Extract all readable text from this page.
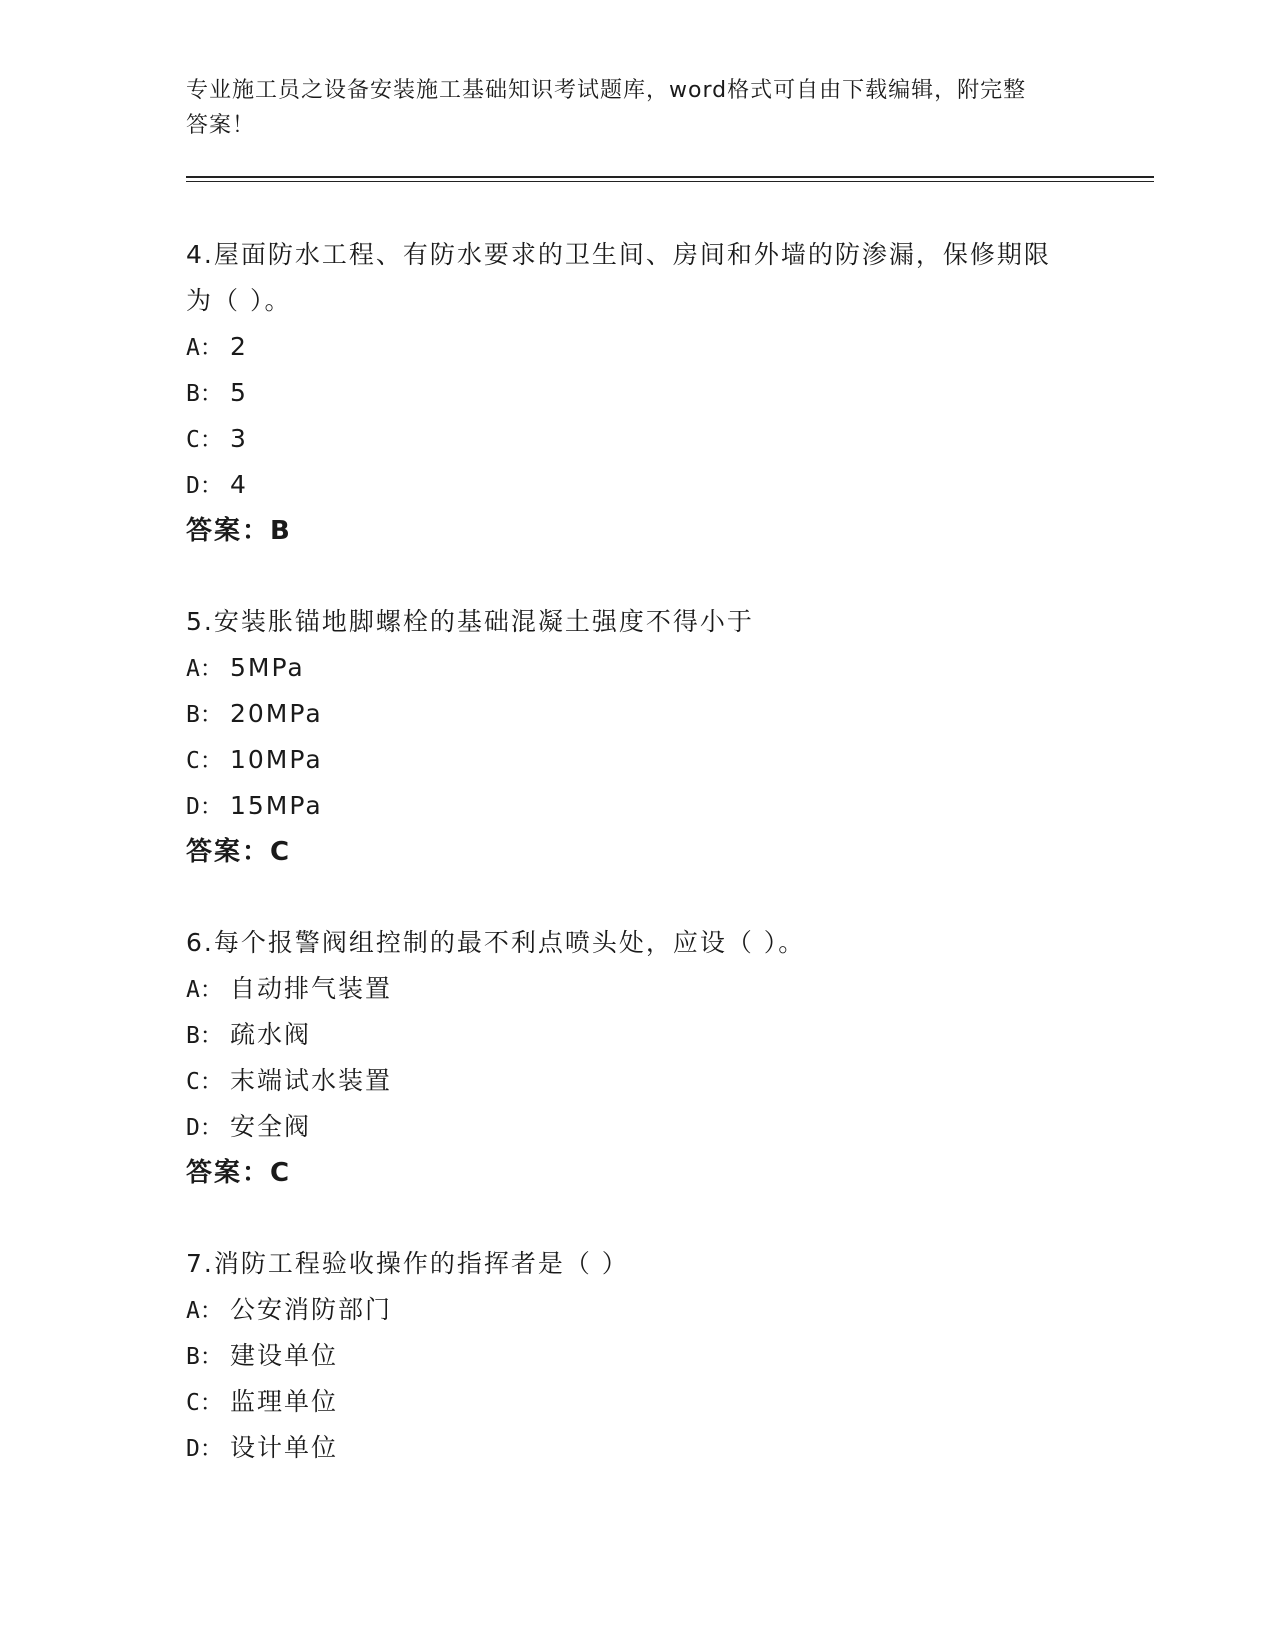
专业施工员之设备安装施工基础知识考试题库，word格式可自由下载编辑，附完整答案！
4.屋面防水工程、有防水要求的卫生间、房间和外墙的防渗漏，保修期限为（ ）。
A： 2
B： 5
C： 3
D： 4
答案：B
5.安装胀锚地脚螺栓的基础混凝土强度不得小于
A： 5MPa
B： 20MPa
C： 10MPa
D： 15MPa
答案：C
6.每个报警阀组控制的最不利点喷头处，应设（ ）。
A： 自动排气装置
B： 疏水阀
C： 末端试水装置
D： 安全阀
答案：C
7.消防工程验收操作的指挥者是（ ）
A： 公安消防部门
B： 建设单位
C： 监理单位
D： 设计单位
